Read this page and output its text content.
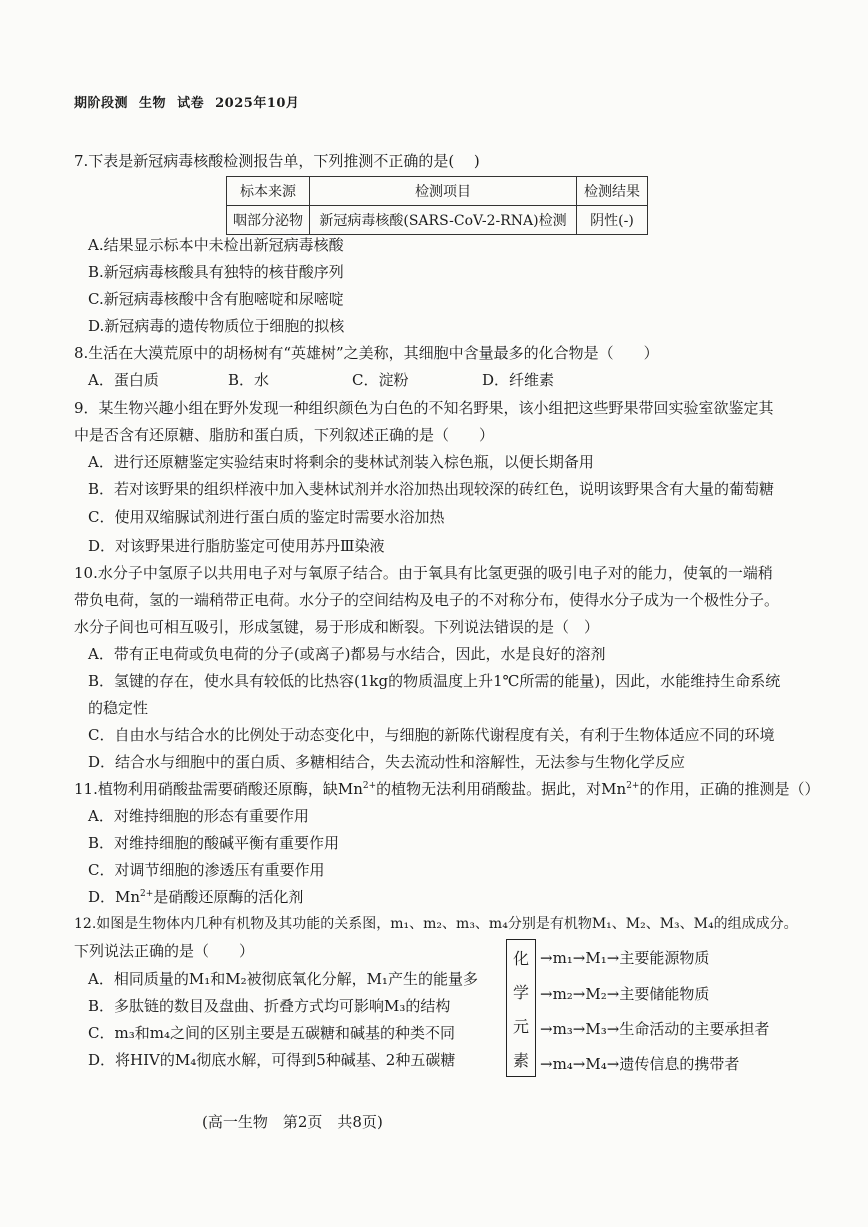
期阶段测 生物 试卷 2025年10月
7.下表是新冠病毒核酸检测报告单，下列推测不正确的是(　 )
标本来源	检测项目	检测结果
咽部分泌物	新冠病毒核酸(SARS-CoV-2-RNA)检测	阴性(-)
A.结果显示标本中未检出新冠病毒核酸
B.新冠病毒核酸具有独特的核苷酸序列
C.新冠病毒核酸中含有胞嘧啶和尿嘧啶
D.新冠病毒的遗传物质位于细胞的拟核
8.生活在大漠荒原中的胡杨树有“英雄树”之美称，其细胞中含量最多的化合物是（　　）
A．蛋白质	B．水	C．淀粉	D．纤维素
9．某生物兴趣小组在野外发现一种组织颜色为白色的不知名野果，该小组把这些野果带回实验室欲鉴定其
中是否含有还原糖、脂肪和蛋白质，下列叙述正确的是（　　）
A．进行还原糖鉴定实验结束时将剩余的斐林试剂装入棕色瓶，以便长期备用
B．若对该野果的组织样液中加入斐林试剂并水浴加热出现较深的砖红色，说明该野果含有大量的葡萄糖
C．使用双缩脲试剂进行蛋白质的鉴定时需要水浴加热
D．对该野果进行脂肪鉴定可使用苏丹Ⅲ染液
10.水分子中氢原子以共用电子对与氧原子结合。由于氧具有比氢更强的吸引电子对的能力，使氧的一端稍
带负电荷，氢的一端稍带正电荷。水分子的空间结构及电子的不对称分布，使得水分子成为一个极性分子。
水分子间也可相互吸引，形成氢键，易于形成和断裂。下列说法错误的是（　）
A．带有正电荷或负电荷的分子(或离子)都易与水结合，因此，水是良好的溶剂
B．氢键的存在，使水具有较低的比热容(1kg的物质温度上升1℃所需的能量)，因此，水能维持生命系统
的稳定性
C．自由水与结合水的比例处于动态变化中，与细胞的新陈代谢程度有关，有利于生物体适应不同的环境
D．结合水与细胞中的蛋白质、多糖相结合，失去流动性和溶解性，无法参与生物化学反应
11.植物利用硝酸盐需要硝酸还原酶，缺$Mn^{2+}$的植物无法利用硝酸盐。据此，对$Mn^{2+}$的作用，正确的推测是（）
A．对维持细胞的形态有重要作用
B．对维持细胞的酸碱平衡有重要作用
C．对调节细胞的渗透压有重要作用
D．$Mn^{2+}$是硝酸还原酶的活化剂
12.如图是生物体内几种有机物及其功能的关系图，m₁、m₂、m₃、m₄分别是有机物M₁、M₂、M₃、M₄的组成成分。
下列说法正确的是（　　）
A．相同质量的M₁和M₂被彻底氧化分解，M₁产生的能量多
B．多肽链的数目及盘曲、折叠方式均可影响M₃的结构
C．m₃和m₄之间的区别主要是五碳糖和碱基的种类不同
D．将HIV的M₄彻底水解，可得到5种碱基、2种五碳糖
化
学
元
素
→m₁→M₁→主要能源物质
→m₂→M₂→主要储能物质
→m₃→M₃→生命活动的主要承担者
→m₄→M₄→遗传信息的携带者
(高一生物　第2页　共8页)
